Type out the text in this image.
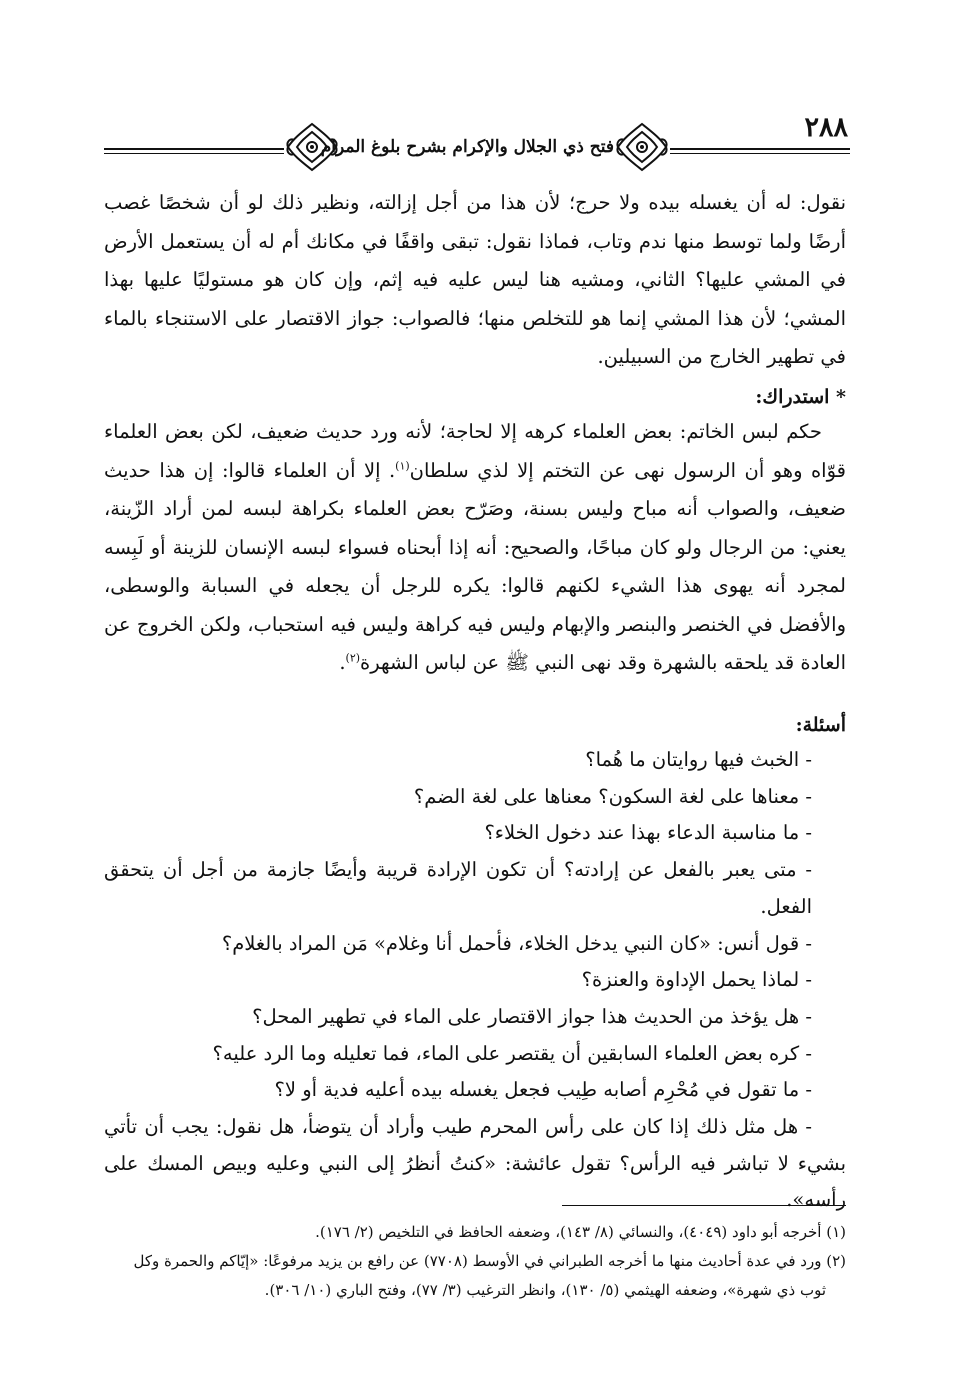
٢٨٨
فتح ذي الجلال والإكرام بشرح بلوغ المرام

نقول: له أن يغسله بيده ولا حرج؛ لأن هذا من أجل إزالته، ونظير ذلك لو أن شخصًا غصب أرضًا ولما توسط منها ندم وتاب، فماذا نقول: تبقى واقفًا في مكانك أم له أن يستعمل الأرض في المشي عليها؟ الثاني، ومشيه هنا ليس عليه فيه إثم، وإن كان هو مستوليًا عليها بهذا المشي؛ لأن هذا المشي إنما هو للتخلص منها؛ فالصواب: جواز الاقتصار على الاستنجاء بالماء في تطهير الخارج من السبيلين.

* استدراك:

حكم لبس الخاتم: بعض العلماء كرهه إلا لحاجة؛ لأنه ورد حديث ضعيف، لكن بعض العلماء قوّاه وهو أن الرسول نهى عن التختم إلا لذي سلطان$^{(١)}$. إلا أن العلماء قالوا: إن هذا حديث ضعيف، والصواب أنه مباح وليس بسنة، وصَرّح بعض العلماء بكراهة لبسه لمن أراد الزّينة، يعني: من الرجال ولو كان مباحًا، والصحيح: أنه إذا أبحناه فسواء لبسه الإنسان للزينة أو لَبِسه لمجرد أنه يهوى هذا الشيء لكنهم قالوا: يكره للرجل أن يجعله في السبابة والوسطى، والأفضل في الخنصر والبنصر والإبهام وليس فيه كراهة وليس فيه استحباب، ولكن الخروج عن العادة قد يلحقه بالشهرة وقد نهى النبي ﷺ عن لباس الشهرة$^{(٢)}$.

أسئلة:
- الخبث فيها روايتان ما هُما؟
- معناها على لغة السكون؟ معناها على لغة الضم؟
- ما مناسبة الدعاء بهذا عند دخول الخلاء؟
- متى يعبر بالفعل عن إرادته؟ أن تكون الإرادة قريبة وأيضًا جازمة من أجل أن يتحقق الفعل.
- قول أنس: «كان النبي يدخل الخلاء، فأحمل أنا وغلام» مَن المراد بالغلام؟
- لماذا يحمل الإداوة والعنزة؟
- هل يؤخذ من الحديث هذا جواز الاقتصار على الماء في تطهير المحل؟
- كره بعض العلماء السابقين أن يقتصر على الماء، فما تعليله وما الرد عليه؟
- ما تقول في مُحْرِم أصابه طِيب فجعل يغسله بيده أعليه فدية أو لا؟
- هل مثل ذلك إذا كان على رأس المحرم طيب وأراد أن يتوضأ، هل نقول: يجب أن تأتي بشيء لا تباشر فيه الرأس؟ تقول عائشة: «كنتُ أنظرُ إلى النبي وعليه وبيص المسك على رأسه».

(١) أخرجه أبو داود (٤٠٤٩)، والنسائي (٨/ ١٤٣)، وضعفه الحافظ في التلخيص (٢/ ١٧٦).

(٢) ورد في عدة أحاديث منها ما أخرجه الطبراني في الأوسط (٧٧٠٨) عن رافع بن يزيد مرفوعًا: «إيّاكم والحمرة وكل

ثوب ذي شهرة»، وضعفه الهيثمي (٥/ ١٣٠)، وانظر الترغيب (٣/ ٧٧)، وفتح الباري (١٠/ ٣٠٦).
